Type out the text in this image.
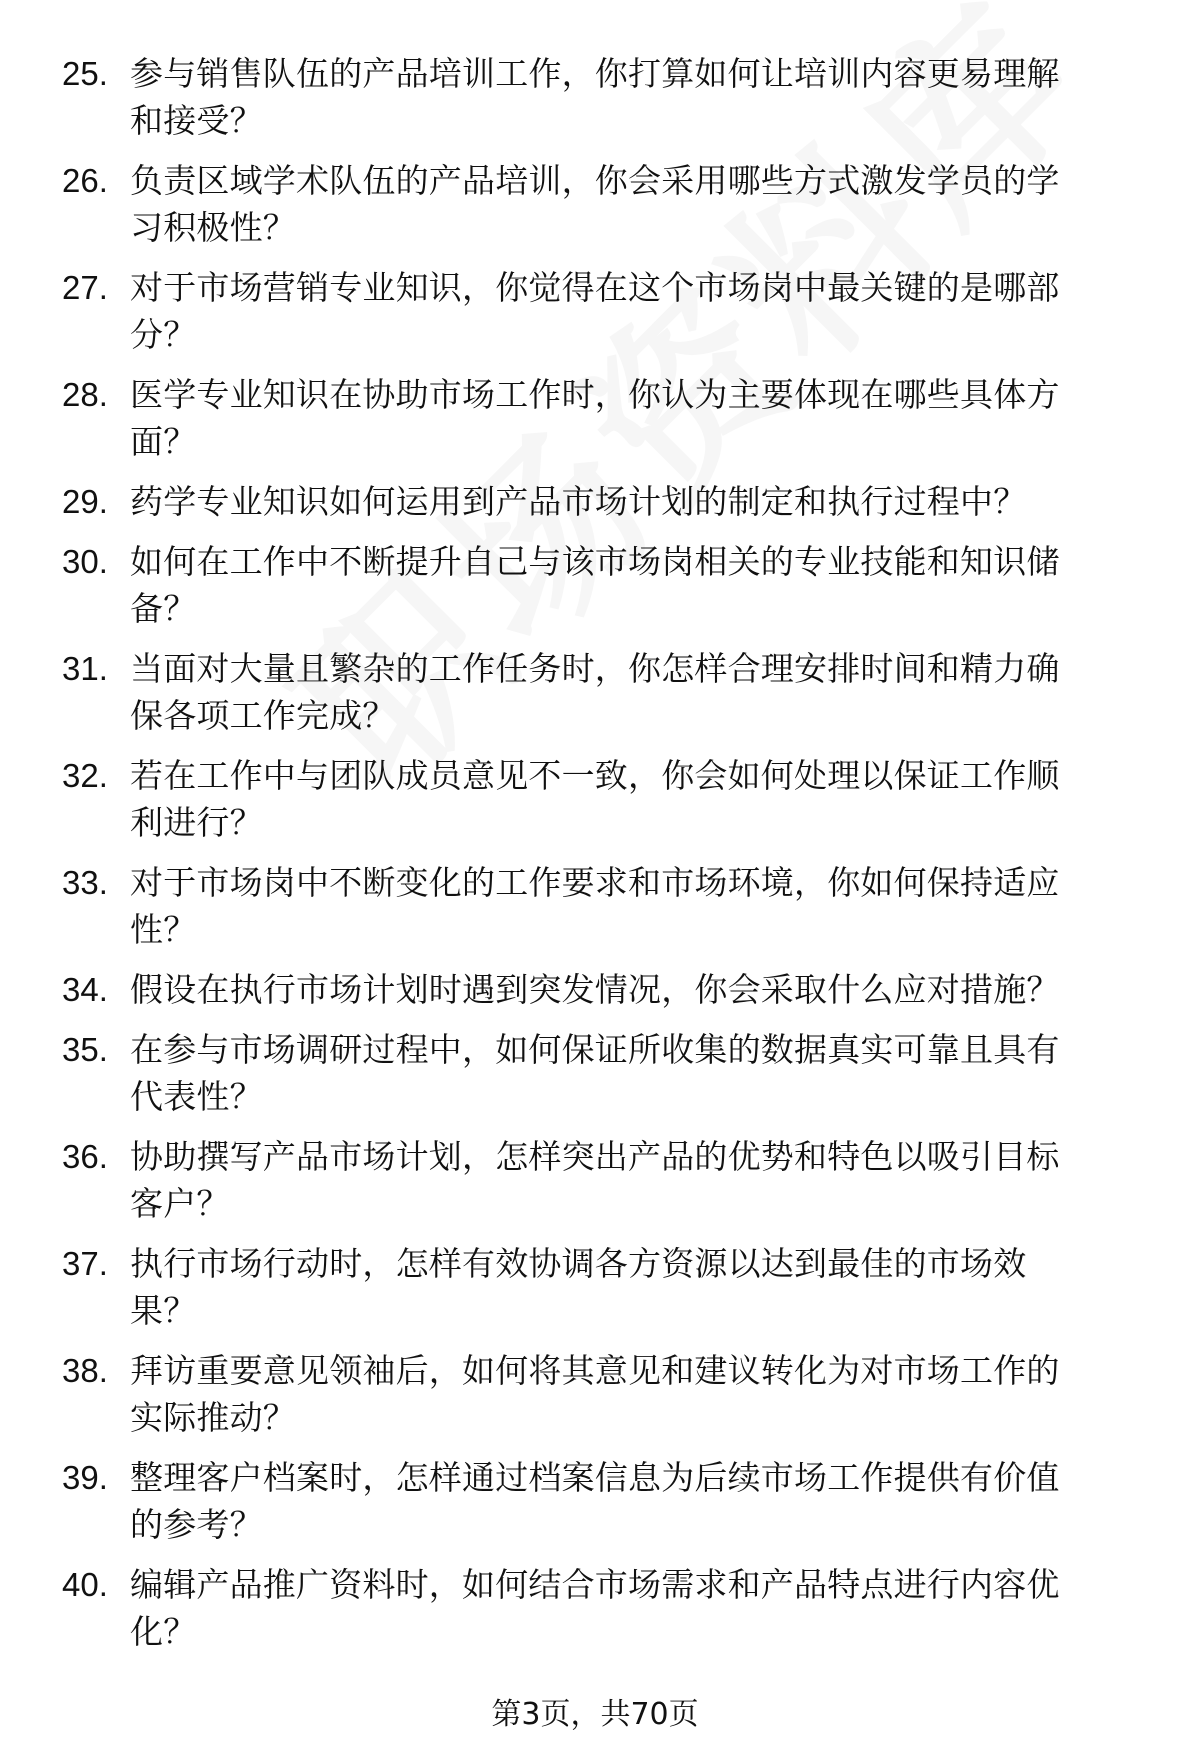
25. 参与销售队伍的产品培训工作，你打算如何让培训内容更易理解
和接受？
26. 负责区域学术队伍的产品培训，你会采用哪些方式激发学员的学
习积极性？
27. 对于市场营销专业知识，你觉得在这个市场岗中最关键的是哪部
分？
28. 医学专业知识在协助市场工作时，你认为主要体现在哪些具体方
面？
29. 药学专业知识如何运用到产品市场计划的制定和执行过程中？
30. 如何在工作中不断提升自己与该市场岗相关的专业技能和知识储
备？
31. 当面对大量且繁杂的工作任务时，你怎样合理安排时间和精力确
保各项工作完成？
32. 若在工作中与团队成员意见不一致，你会如何处理以保证工作顺
利进行？
33. 对于市场岗中不断变化的工作要求和市场环境，你如何保持适应
性？
34. 假设在执行市场计划时遇到突发情况，你会采取什么应对措施？
35. 在参与市场调研过程中，如何保证所收集的数据真实可靠且具有
代表性？
36. 协助撰写产品市场计划，怎样突出产品的优势和特色以吸引目标
客户？
37. 执行市场行动时，怎样有效协调各方资源以达到最佳的市场效
果？
38. 拜访重要意见领袖后，如何将其意见和建议转化为对市场工作的
实际推动？
39. 整理客户档案时，怎样通过档案信息为后续市场工作提供有价值
的参考？
40. 编辑产品推广资料时，如何结合市场需求和产品特点进行内容优
化？
第3页，共70页
